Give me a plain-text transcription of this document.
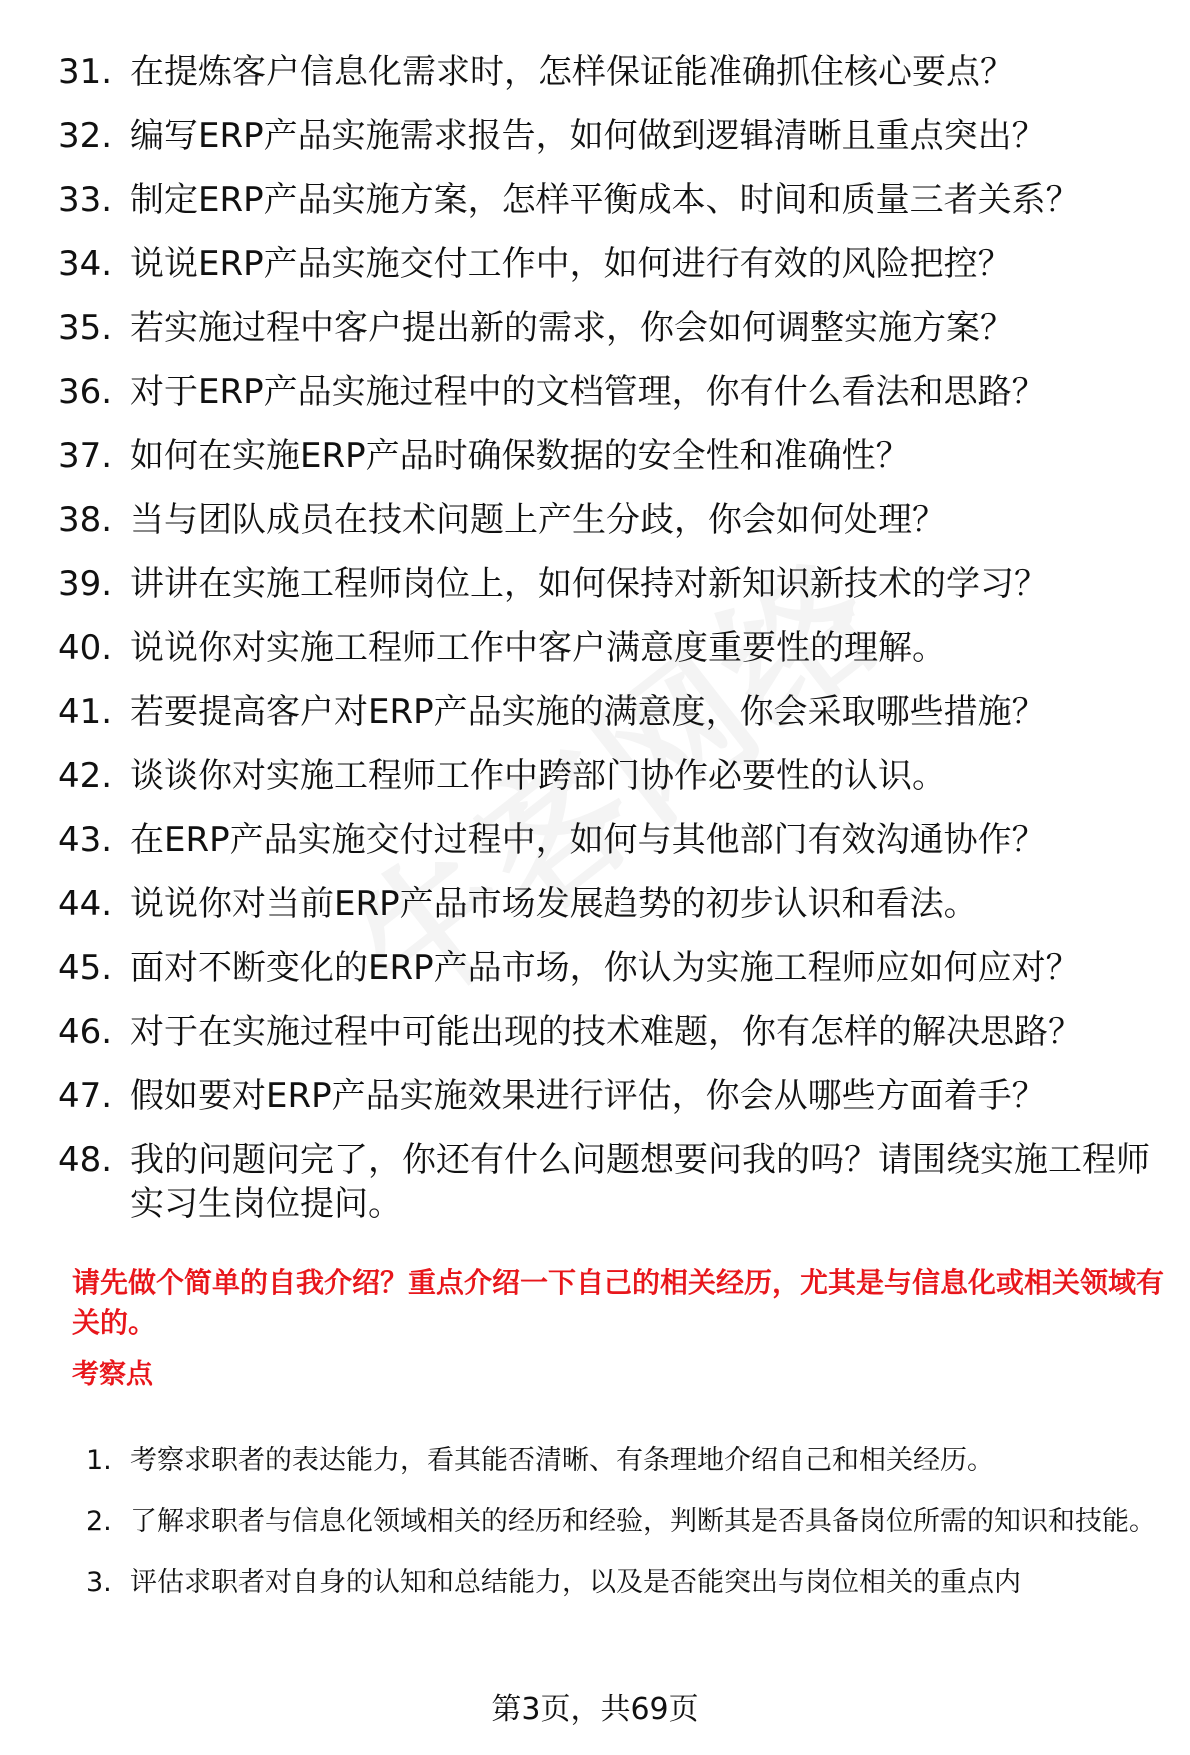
31. 在提炼客户信息化需求时，怎样保证能准确抓住核心要点？
32. 编写ERP产品实施需求报告，如何做到逻辑清晰且重点突出？
33. 制定ERP产品实施方案，怎样平衡成本、时间和质量三者关系？
34. 说说ERP产品实施交付工作中，如何进行有效的风险把控？
35. 若实施过程中客户提出新的需求，你会如何调整实施方案？
36. 对于ERP产品实施过程中的文档管理，你有什么看法和思路？
37. 如何在实施ERP产品时确保数据的安全性和准确性？
38. 当与团队成员在技术问题上产生分歧，你会如何处理？
39. 讲讲在实施工程师岗位上，如何保持对新知识新技术的学习？
40. 说说你对实施工程师工作中客户满意度重要性的理解。
41. 若要提高客户对ERP产品实施的满意度，你会采取哪些措施？
42. 谈谈你对实施工程师工作中跨部门协作必要性的认识。
43. 在ERP产品实施交付过程中，如何与其他部门有效沟通协作？
44. 说说你对当前ERP产品市场发展趋势的初步认识和看法。
45. 面对不断变化的ERP产品市场，你认为实施工程师应如何应对？
46. 对于在实施过程中可能出现的技术难题，你有怎样的解决思路？
47. 假如要对ERP产品实施效果进行评估，你会从哪些方面着手？
48. 我的问题问完了，你还有什么问题想要问我的吗？请围绕实施工程师实习生岗位提问。

请先做个简单的自我介绍？重点介绍一下自己的相关经历，尤其是与信息化或相关领域有关的。

考察点

1. 考察求职者的表达能力，看其能否清晰、有条理地介绍自己和相关经历。
2. 了解求职者与信息化领域相关的经历和经验，判断其是否具备岗位所需的知识和技能。
3. 评估求职者对自身的认知和总结能力，以及是否能突出与岗位相关的重点内
第3页，共69页
